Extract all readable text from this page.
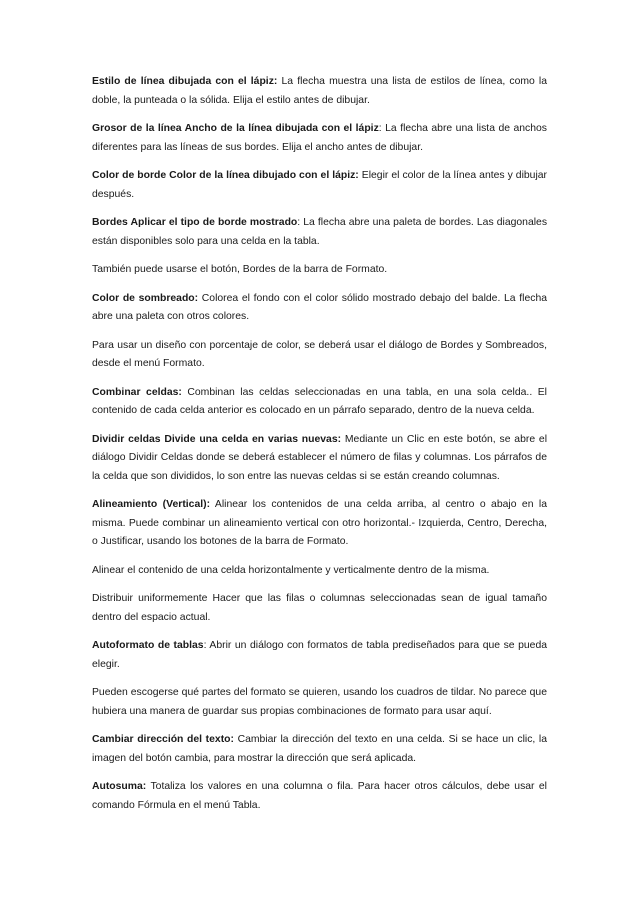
Estilo de línea dibujada con el lápiz: La flecha muestra una lista de estilos de línea, como la doble, la punteada o la sólida. Elija el estilo antes de dibujar.

Grosor de la línea Ancho de la línea dibujada con el lápiz: La flecha abre una lista de anchos diferentes para las líneas de sus bordes. Elija el ancho antes de dibujar.

Color de borde Color de la línea dibujado con el lápiz: Elegir el color de la línea antes y dibujar después.

Bordes Aplicar el tipo de borde mostrado: La flecha abre una paleta de bordes. Las diagonales están disponibles solo para una celda en la tabla.

También puede usarse el botón, Bordes de la barra de Formato.

Color de sombreado: Colorea el fondo con el color sólido mostrado debajo del balde. La flecha abre una paleta con otros colores.

Para usar un diseño con porcentaje de color, se deberá usar el diálogo de Bordes y Sombreados, desde el menú Formato.

Combinar celdas: Combinan las celdas seleccionadas en una tabla, en una sola celda.. El contenido de cada celda anterior es colocado en un párrafo separado, dentro de la nueva celda.

Dividir celdas Divide una celda en varias nuevas: Mediante un Clic en este botón, se abre el diálogo Dividir Celdas donde se deberá establecer el número de filas y columnas. Los párrafos de la celda que son divididos, lo son entre las nuevas celdas si se están creando columnas.

Alineamiento (Vertical): Alinear los contenidos de una celda arriba, al centro o abajo en la misma. Puede combinar un alineamiento vertical con otro horizontal.- Izquierda, Centro, Derecha, o Justificar, usando los botones de la barra de Formato.

Alinear el contenido de una celda horizontalmente y verticalmente dentro de la misma.

Distribuir uniformemente Hacer que las filas o columnas seleccionadas sean de igual tamaño dentro del espacio actual.

Autoformato de tablas: Abrir un diálogo con formatos de tabla prediseñados para que se pueda elegir.

Pueden escogerse qué partes del formato se quieren, usando los cuadros de tildar. No parece que hubiera una manera de guardar sus propias combinaciones de formato para usar aquí.

Cambiar dirección del texto: Cambiar la dirección del texto en una celda. Si se hace un clic, la imagen del botón cambia, para mostrar la dirección que será aplicada.

Autosuma: Totaliza los valores en una columna o fila. Para hacer otros cálculos, debe usar el comando Fórmula en el menú Tabla.
